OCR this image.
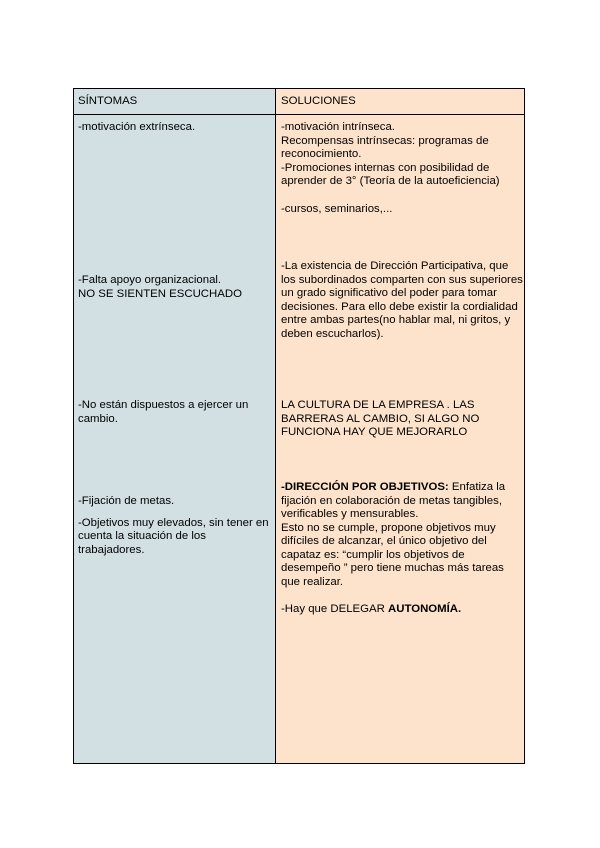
SÍNTOMAS

-motivación extrínseca.

-Falta apoyo organizacional.

NO SE SIENTEN ESCUCHADO

-No están dispuestos a ejercer un cambio.

-Fijación de metas.

-Objetivos muy elevados, sin tener en cuenta la situación de los trabajadores.

SOLUCIONES

-motivación intrínseca.

Recompensas intrínsecas: programas de reconocimiento.

-Promociones internas con posibilidad de aprender de 3° (Teoría de la autoeficiencia)

-cursos, seminarios,...

-La existencia de Dirección Participativa, que los subordinados comparten con sus superiores un grado significativo del poder para tomar decisiones. Para ello debe existir la cordialidad entre ambas partes(no hablar mal, ni gritos, y deben escucharlos).

LA CULTURA DE LA EMPRESA . LAS BARRERAS AL CAMBIO, SI ALGO NO FUNCIONA HAY QUE MEJORARLO

-DIRECCIÓN POR OBJETIVOS: Enfatiza la fijación en colaboración de metas tangibles, verificables y mensurables.

Esto no se cumple, propone objetivos muy difíciles de alcanzar, el único objetivo del capataz es: “cumplir los objetivos de desempeño ” pero tiene muchas más tareas que realizar.

-Hay que DELEGAR AUTONOMÍA.
